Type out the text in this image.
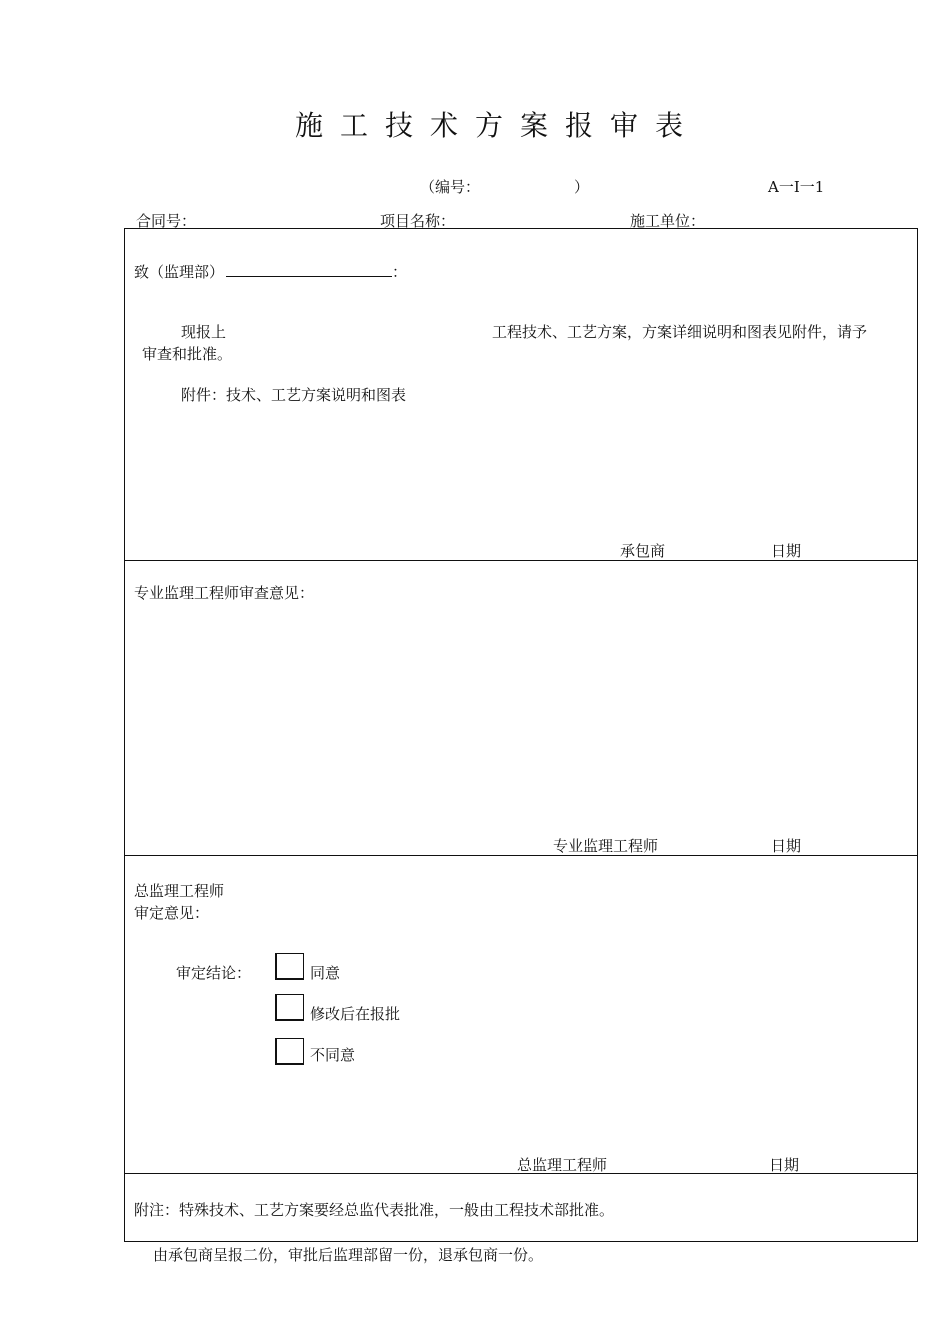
施工技术方案报审表
（编号：	）	A一Ⅰ一1
合同号：	项目名称：	施工单位：
致（监理部）	：
现报上	工程技术、工艺方案，方案详细说明和图表见附件，请予
审查和批准。
附件：技术、工艺方案说明和图表
承包商	日期
专业监理工程师审查意见：
专业监理工程师	日期
总监理工程师
审定意见：
审定结论：	同意
修改后在报批
不同意
总监理工程师	日期
附注：特殊技术、工艺方案要经总监代表批准，一般由工程技术部批准。
由承包商呈报二份，审批后监理部留一份，退承包商一份。
